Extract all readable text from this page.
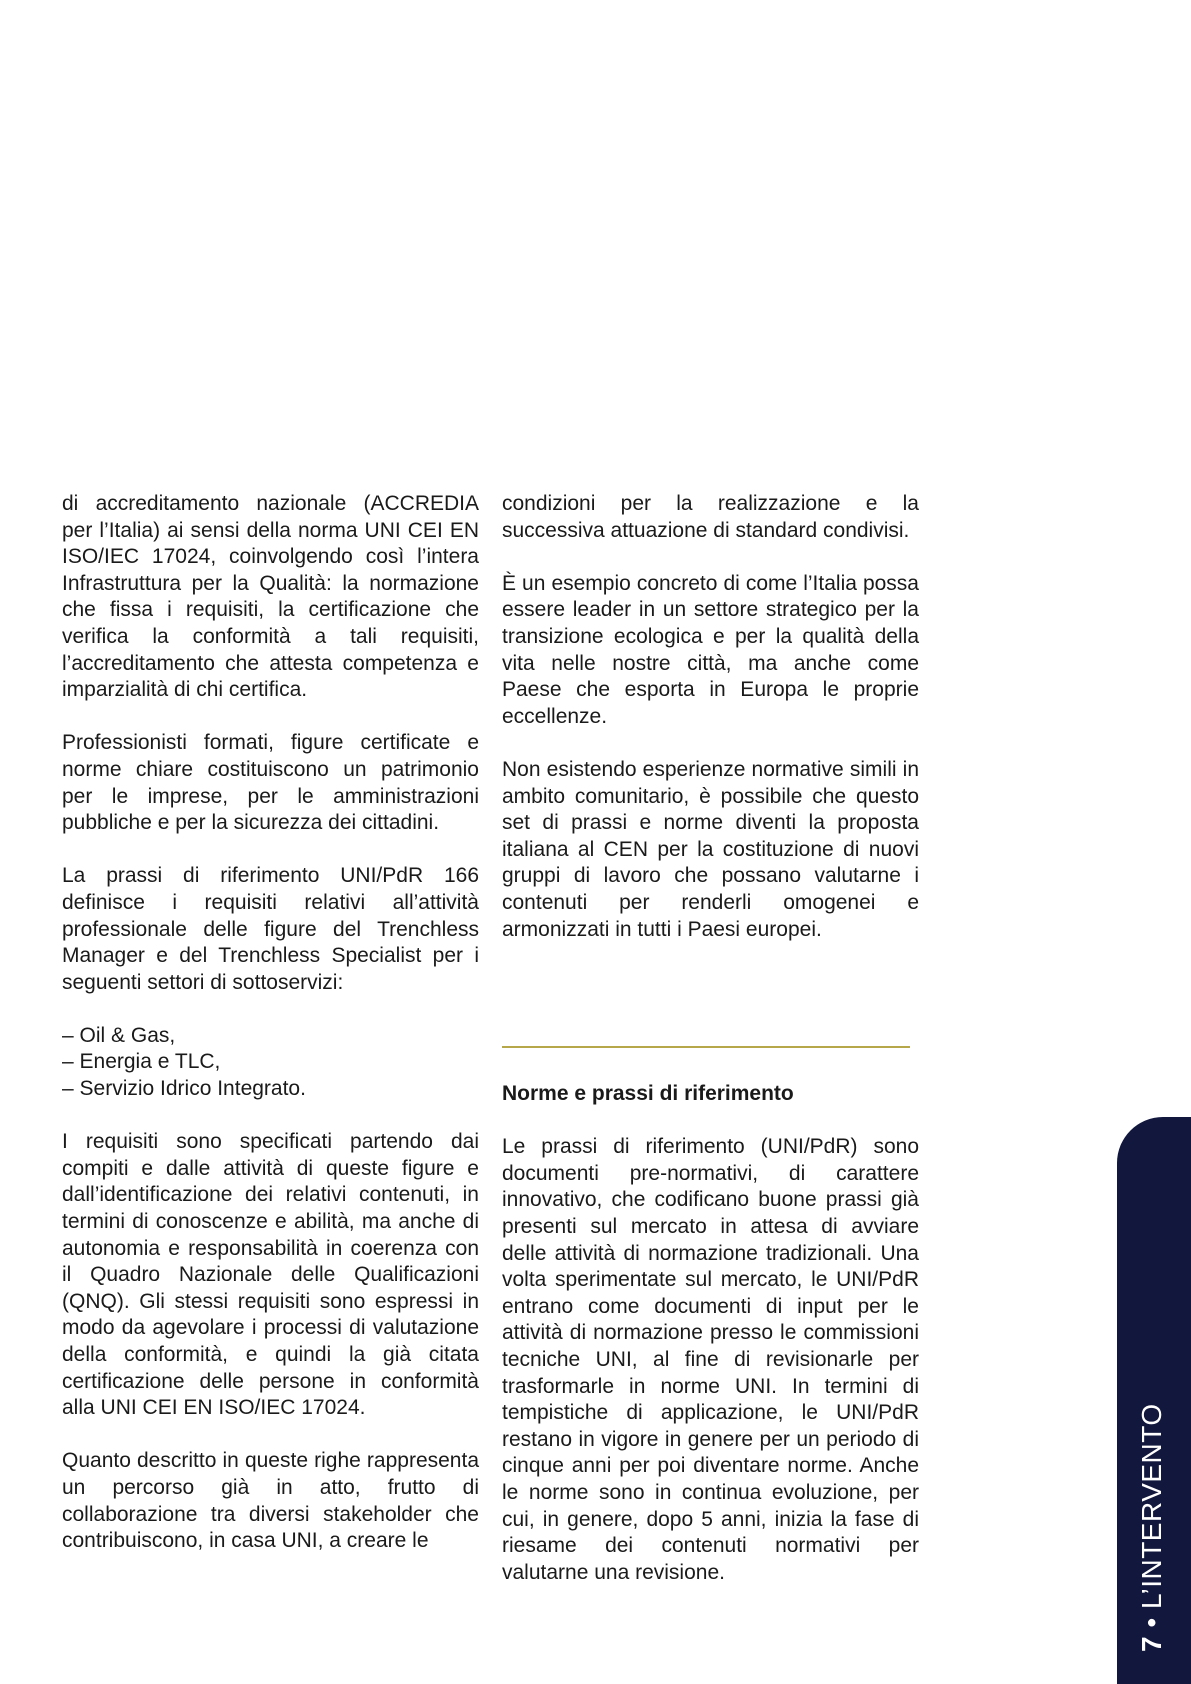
di accreditamento nazionale (ACCREDIA per l’Italia) ai sensi della norma UNI CEI EN ISO/IEC 17024, coinvolgendo così l’intera Infrastruttura per la Qualità: la normazione che fissa i requisiti, la certificazione che verifica la conformità a tali requisiti, l’accreditamento che attesta competenza e imparzialità di chi certifica.

Professionisti formati, figure certificate e norme chiare costituiscono un patrimonio per le imprese, per le amministrazioni pubbliche e per la sicurezza dei cittadini.

La prassi di riferimento UNI/PdR 166 definisce i requisiti relativi all’attività professionale delle figure del Trenchless Manager e del Trenchless Specialist per i seguenti settori di sottoservizi:

– Oil & Gas,
– Energia e TLC,
– Servizio Idrico Integrato.

I requisiti sono specificati partendo dai compiti e dalle attività di queste figure e dall’identificazione dei relativi contenuti, in termini di conoscenze e abilità, ma anche di autonomia e responsabilità in coerenza con il Quadro Nazionale delle Qualificazioni (QNQ). Gli stessi requisiti sono espressi in modo da agevolare i processi di valutazione della conformità, e quindi la già citata certificazione delle persone in conformità alla UNI CEI EN ISO/IEC 17024.

Quanto descritto in queste righe rappresenta un percorso già in atto, frutto di collaborazione tra diversi stakeholder che contribuiscono, in casa UNI, a creare le

condizioni per la realizzazione e la successiva attuazione di standard condivisi.

È un esempio concreto di come l’Italia possa essere leader in un settore strategico per la transizione ecologica e per la qualità della vita nelle nostre città, ma anche come Paese che esporta in Europa le proprie eccellenze.

Non esistendo esperienze normative simili in ambito comunitario, è possibile che questo set di prassi e norme diventi la proposta italiana al CEN per la costituzione di nuovi gruppi di lavoro che possano valutarne i contenuti per renderli omogenei e armonizzati in tutti i Paesi europei.

Norme e prassi di riferimento

Le prassi di riferimento (UNI/PdR) sono documenti pre-normativi, di carattere innovativo, che codificano buone prassi già presenti sul mercato in attesa di avviare delle attività di normazione tradizionali. Una volta sperimentate sul mercato, le UNI/PdR entrano come documenti di input per le attività di normazione presso le commissioni tecniche UNI, al fine di revisionarle per trasformarle in norme UNI. In termini di tempistiche di applicazione, le UNI/PdR restano in vigore in genere per un periodo di cinque anni per poi diventare norme. Anche le norme sono in continua evoluzione, per cui, in genere, dopo 5 anni, inizia la fase di riesame dei contenuti normativi per valutarne una revisione.

7 • L’INTERVENTO
